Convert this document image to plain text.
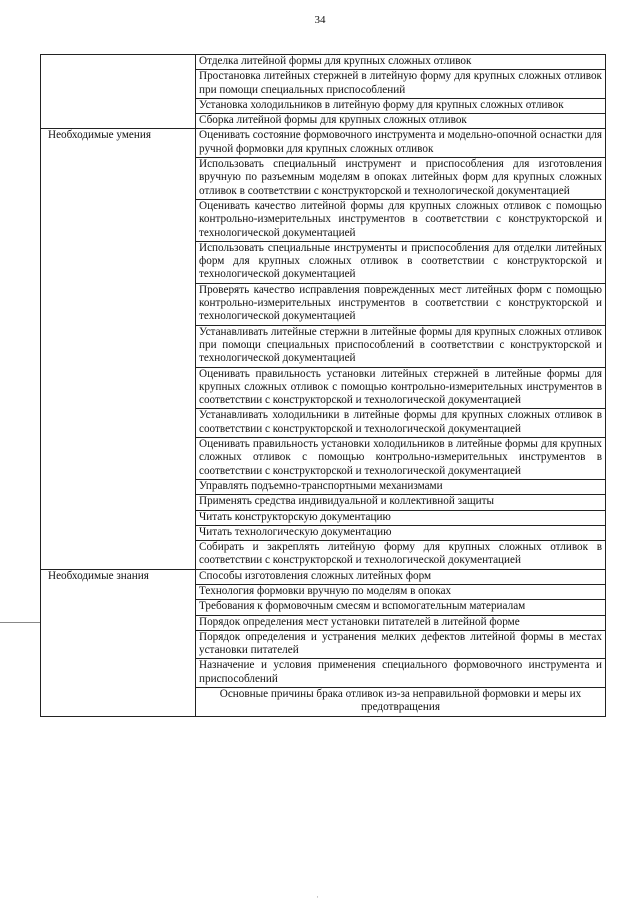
34
	Отделка литейной формы для крупных сложных отливок
	Простановка литейных стержней в литейную форму для крупных сложных отливок при помощи специальных приспособлений
	Установка холодильников в литейную форму для крупных сложных отливок
	Сборка литейной формы для крупных сложных отливок
Необходимые умения	Оценивать состояние формовочного инструмента и модельно-опочной оснастки для ручной формовки для крупных сложных отливок
	Использовать специальный инструмент и приспособления для изготовления вручную по разъемным моделям в опоках литейных форм для крупных сложных отливок в соответствии с конструкторской и технологической документацией
	Оценивать качество литейной формы для крупных сложных отливок с помощью контрольно-измерительных инструментов в соответствии с конструкторской и технологической документацией
	Использовать специальные инструменты и приспособления для отделки литейных форм для крупных сложных отливок в соответствии с конструкторской и технологической документацией
	Проверять качество исправления поврежденных мест литейных форм с помощью контрольно-измерительных инструментов в соответствии с конструкторской и технологической документацией
	Устанавливать литейные стержни в литейные формы для крупных сложных отливок при помощи специальных приспособлений в соответствии с конструкторской и технологической документацией
	Оценивать правильность установки литейных стержней в литейные формы для крупных сложных отливок с помощью контрольно-измерительных инструментов в соответствии с конструкторской и технологической документацией
	Устанавливать холодильники в литейные формы для крупных сложных отливок в соответствии с конструкторской и технологической документацией
	Оценивать правильность установки холодильников в литейные формы для крупных сложных отливок с помощью контрольно-измерительных инструментов в соответствии с конструкторской и технологической документацией
	Управлять подъемно-транспортными механизмами
	Применять средства индивидуальной и коллективной защиты
	Читать конструкторскую документацию
	Читать технологическую документацию
	Собирать и закреплять литейную форму для крупных сложных отливок в соответствии с конструкторской и технологической документацией
Необходимые знания	Способы изготовления сложных литейных форм
	Технология формовки вручную по моделям в опоках
	Требования к формовочным смесям и вспомогательным материалам
	Порядок определения мест установки питателей в литейной форме
	Порядок определения и устранения мелких дефектов литейной формы в местах установки питателей
	Назначение и условия применения специального формовочного инструмента и приспособлений
	Основные причины брака отливок из-за неправильной формовки и меры их предотвращения
·
